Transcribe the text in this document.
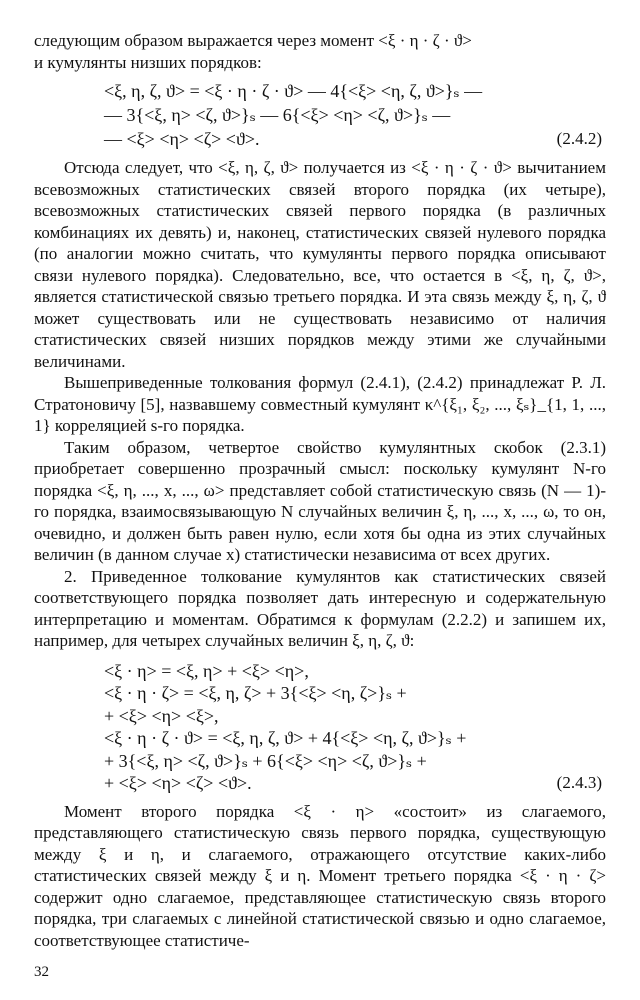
следующим образом выражается через момент <ξ · η · ζ · ϑ>
и кумулянты низших порядков:

<ξ, η, ζ, ϑ> = <ξ · η · ζ · ϑ> — 4{<ξ> <η, ζ, ϑ>}ₛ —
— 3{<ξ, η> <ζ, ϑ>}ₛ — 6{<ξ> <η> <ζ, ϑ>}ₛ —
— <ξ> <η> <ζ> <ϑ>.	(2.4.2)

Отсюда следует, что <ξ, η, ζ, ϑ> получается из <ξ · η · ζ · ϑ> вычитанием всевозможных статистических связей второго порядка (их четыре), всевозможных статистических связей первого порядка (в различных комбинациях их девять) и, наконец, статистических связей нулевого порядка (по аналогии можно считать, что кумулянты первого порядка описывают связи нулевого порядка). Следовательно, все, что остается в <ξ, η, ζ, ϑ>, является статистической связью третьего порядка. И эта связь между ξ, η, ζ, ϑ может существовать или не существовать независимо от наличия статистических связей низших порядков между этими же случайными величинами.

Вышеприведенные толкования формул (2.4.1), (2.4.2) принадлежат Р. Л. Стратоновичу [5], назвавшему совместный кумулянт κ^{ξ₁, ξ₂, ..., ξₛ}_{1, 1, ..., 1} корреляцией s-го порядка.

Таким образом, четвертое свойство кумулянтных скобок (2.3.1) приобретает совершенно прозрачный смысл: поскольку кумулянт N-го порядка <ξ, η, ..., x, ..., ω> представляет собой статистическую связь (N — 1)-го порядка, взаимосвязывающую N случайных величин ξ, η, ..., x, ..., ω, то он, очевидно, и должен быть равен нулю, если хотя бы одна из этих случайных величин (в данном случае x) статистически независима от всех других.

2. Приведенное толкование кумулянтов как статистических связей соответствующего порядка позволяет дать интересную и содержательную интерпретацию и моментам. Обратимся к формулам (2.2.2) и запишем их, например, для четырех случайных величин ξ, η, ζ, ϑ:

<ξ · η> = <ξ, η> + <ξ> <η>,
<ξ · η · ζ> = <ξ, η, ζ> + 3{<ξ> <η, ζ>}ₛ +
+ <ξ> <η> <ξ>,
<ξ · η · ζ · ϑ> = <ξ, η, ζ, ϑ> + 4{<ξ> <η, ζ, ϑ>}ₛ +
+ 3{<ξ, η> <ζ, ϑ>}ₛ + 6{<ξ> <η> <ζ, ϑ>}ₛ +
+ <ξ> <η> <ζ> <ϑ>.	(2.4.3)

Момент второго порядка <ξ · η> «состоит» из слагаемого, представляющего статистическую связь первого порядка, существующую между ξ и η, и слагаемого, отражающего отсутствие каких-либо статистических связей между ξ и η. Момент третьего порядка <ξ · η · ζ> содержит одно слагаемое, представляющее статистическую связь второго порядка, три слагаемых с линейной статистической связью и одно слагаемое, соответствующее статистиче-

32
